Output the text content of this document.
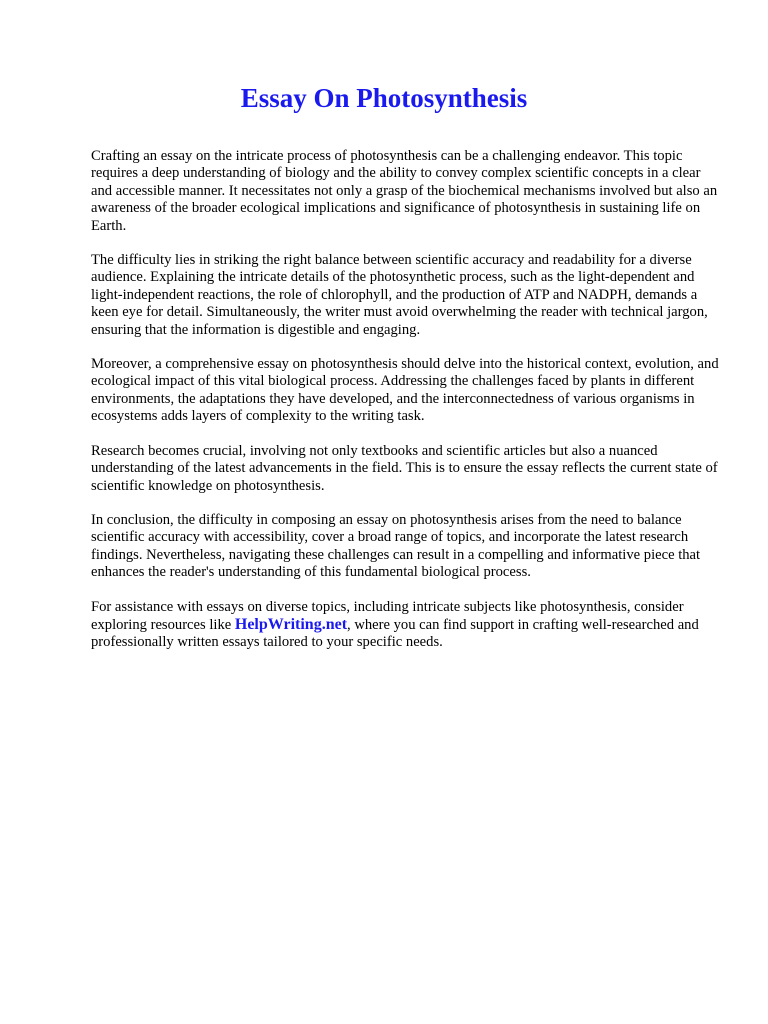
Essay On Photosynthesis

Crafting an essay on the intricate process of photosynthesis can be a challenging endeavor. This topic requires a deep understanding of biology and the ability to convey complex scientific concepts in a clear and accessible manner. It necessitates not only a grasp of the biochemical mechanisms involved but also an awareness of the broader ecological implications and significance of photosynthesis in sustaining life on Earth.

The difficulty lies in striking the right balance between scientific accuracy and readability for a diverse audience. Explaining the intricate details of the photosynthetic process, such as the light-dependent and light-independent reactions, the role of chlorophyll, and the production of ATP and NADPH, demands a keen eye for detail. Simultaneously, the writer must avoid overwhelming the reader with technical jargon, ensuring that the information is digestible and engaging.

Moreover, a comprehensive essay on photosynthesis should delve into the historical context, evolution, and ecological impact of this vital biological process. Addressing the challenges faced by plants in different environments, the adaptations they have developed, and the interconnectedness of various organisms in ecosystems adds layers of complexity to the writing task.

Research becomes crucial, involving not only textbooks and scientific articles but also a nuanced understanding of the latest advancements in the field. This is to ensure the essay reflects the current state of scientific knowledge on photosynthesis.

In conclusion, the difficulty in composing an essay on photosynthesis arises from the need to balance scientific accuracy with accessibility, cover a broad range of topics, and incorporate the latest research findings. Nevertheless, navigating these challenges can result in a compelling and informative piece that enhances the reader's understanding of this fundamental biological process.

For assistance with essays on diverse topics, including intricate subjects like photosynthesis, consider exploring resources like HelpWriting.net, where you can find support in crafting well-researched and professionally written essays tailored to your specific needs.
